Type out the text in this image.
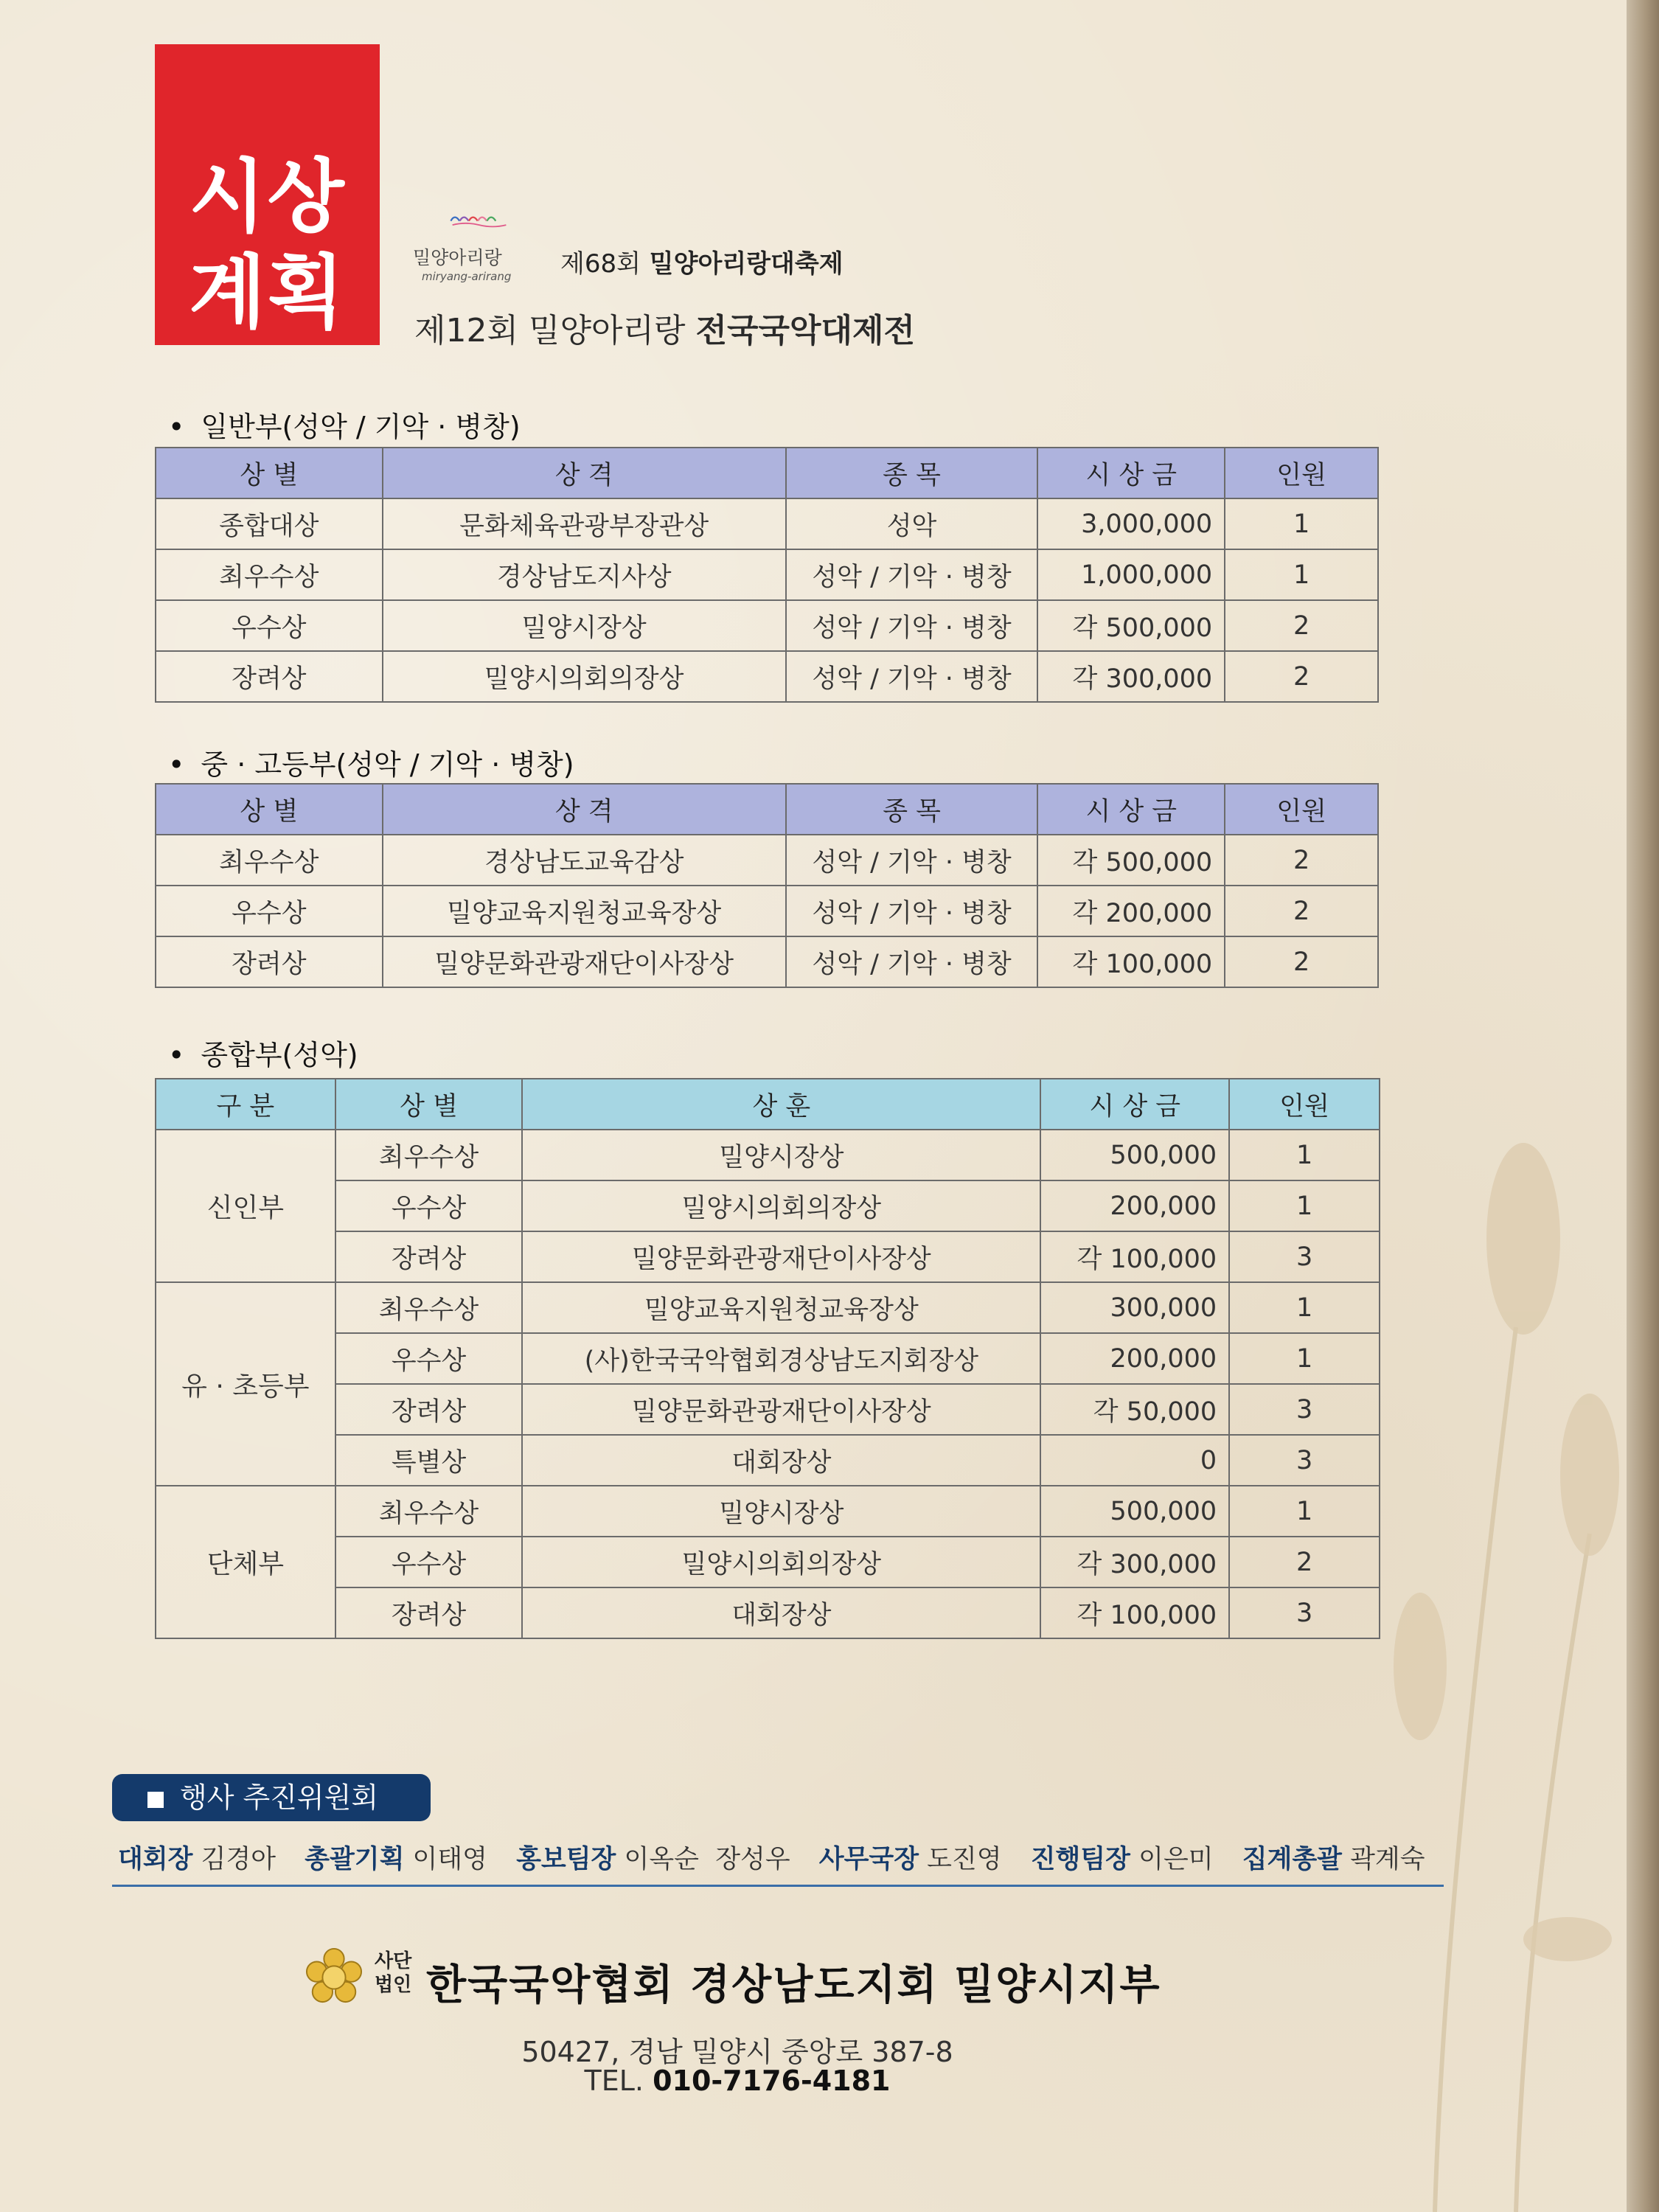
시상
계획	밀양아리랑
miryang-arirang 제68회 밀양아리랑대축제
제12회 밀양아리랑 전국국악대제전
• 일반부(성악 / 기악 · 병창)
상 별	상 격	종 목	시 상 금	인원
종합대상	문화체육관광부장관상	성악	3,000,000	1
최우수상	경상남도지사상	성악 / 기악 · 병창	1,000,000	1
우수상	밀양시장상	성악 / 기악 · 병창	각 500,000	2
장려상	밀양시의회의장상	성악 / 기악 · 병창	각 300,000	2
• 중 · 고등부(성악 / 기악 · 병창)
상 별	상 격	종 목	시 상 금	인원
최우수상	경상남도교육감상	성악 / 기악 · 병창	각 500,000	2
우수상	밀양교육지원청교육장상	성악 / 기악 · 병창	각 200,000	2
장려상	밀양문화관광재단이사장상	성악 / 기악 · 병창	각 100,000	2
• 종합부(성악)
구 분	상 별	상 훈	시 상 금	인원
신인부	최우수상	밀양시장상	500,000	1
	우수상	밀양시의회의장상	200,000	1
	장려상	밀양문화관광재단이사장상	각 100,000	3
유 · 초등부	최우수상	밀양교육지원청교육장상	300,000	1
	우수상	(사)한국국악협회경상남도지회장상	200,000	1
	장려상	밀양문화관광재단이사장상	각 50,000	3
	특별상	대회장상	0	3
단체부	최우수상	밀양시장상	500,000	1
	우수상	밀양시의회의장상	각 300,000	2
	장려상	대회장상	각 100,000	3
행사 추진위원회
대회장 김경아 총괄기획 이태영 홍보팀장 이옥순  장성우 사무국장 도진영 진행팀장 이은미 집계총괄 곽계숙
사단
법인 한국국악협회 경상남도지회 밀양시지부
50427, 경남 밀양시 중앙로 387-8
TEL. 010-7176-4181
